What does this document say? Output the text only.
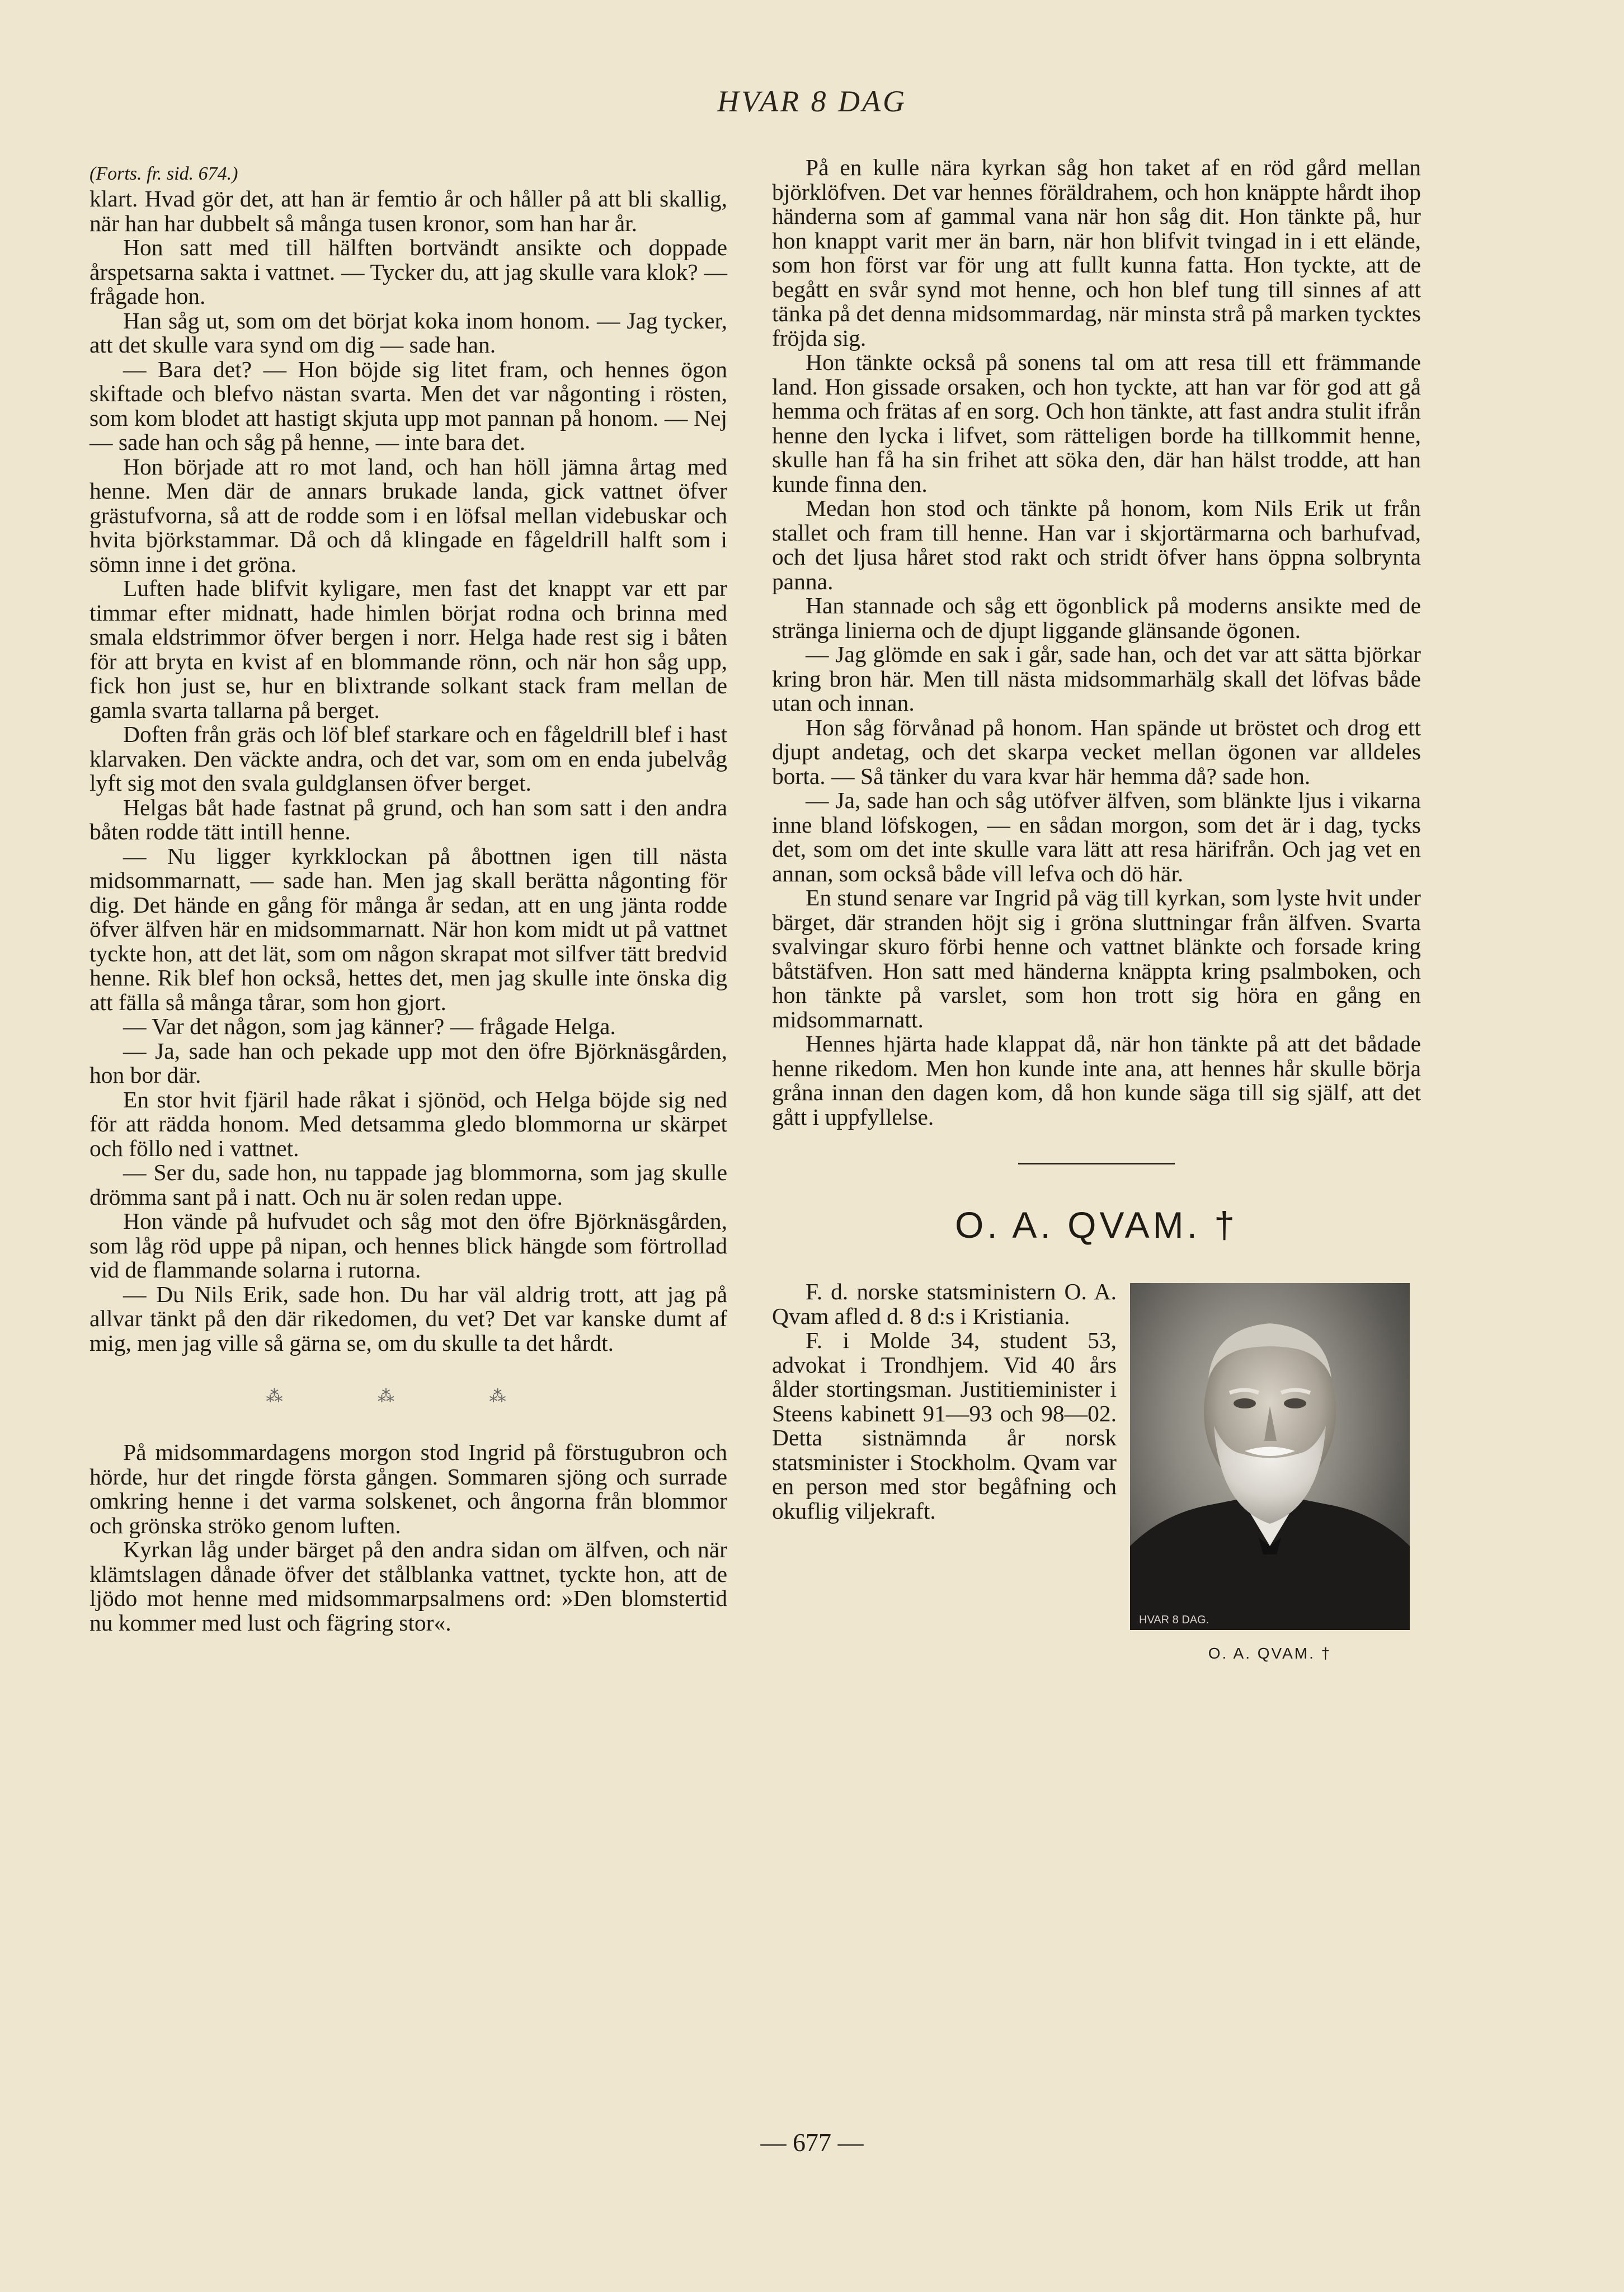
HVAR 8 DAG
(Forts. fr. sid. 674.)

klart. Hvad gör det, att han är femtio år och håller på att bli skallig, när han har dubbelt så många tusen kronor, som han har år.

Hon satt med till hälften bortvändt ansikte och doppade årspetsarna sakta i vattnet. — Tycker du, att jag skulle vara klok? — frågade hon.

Han såg ut, som om det börjat koka inom honom. — Jag tycker, att det skulle vara synd om dig — sade han.

— Bara det? — Hon böjde sig litet fram, och hennes ögon skiftade och blefvo nästan svarta. Men det var någonting i rösten, som kom blodet att hastigt skjuta upp mot pannan på honom. — Nej — sade han och såg på henne, — inte bara det.

Hon började att ro mot land, och han höll jämna årtag med henne. Men där de annars brukade landa, gick vattnet öfver grästufvorna, så att de rodde som i en löfsal mellan videbuskar och hvita björkstammar. Då och då klingade en fågeldrill halft som i sömn inne i det gröna.

Luften hade blifvit kyligare, men fast det knappt var ett par timmar efter midnatt, hade himlen börjat rodna och brinna med smala eldstrimmor öfver bergen i norr. Helga hade rest sig i båten för att bryta en kvist af en blommande rönn, och när hon såg upp, fick hon just se, hur en blixtrande solkant stack fram mellan de gamla svarta tallarna på berget.

Doften från gräs och löf blef starkare och en fågeldrill blef i hast klarvaken. Den väckte andra, och det var, som om en enda jubelvåg lyft sig mot den svala guldglansen öfver berget.

Helgas båt hade fastnat på grund, och han som satt i den andra båten rodde tätt intill henne.

— Nu ligger kyrkklockan på åbottnen igen till nästa midsommarnatt, — sade han. Men jag skall berätta någonting för dig. Det hände en gång för många år sedan, att en ung jänta rodde öfver älfven här en midsommarnatt. När hon kom midt ut på vattnet tyckte hon, att det lät, som om någon skrapat mot silfver tätt bredvid henne. Rik blef hon också, hettes det, men jag skulle inte önska dig att fälla så många tårar, som hon gjort.

— Var det någon, som jag känner? — frågade Helga.

— Ja, sade han och pekade upp mot den öfre Björknäsgården, hon bor där.

En stor hvit fjäril hade råkat i sjönöd, och Helga böjde sig ned för att rädda honom. Med detsamma gledo blommorna ur skärpet och föllo ned i vattnet.

— Ser du, sade hon, nu tappade jag blommorna, som jag skulle drömma sant på i natt. Och nu är solen redan uppe.

Hon vände på hufvudet och såg mot den öfre Björknäsgården, som låg röd uppe på nipan, och hennes blick hängde som förtrollad vid de flammande solarna i rutorna.

— Du Nils Erik, sade hon. Du har väl aldrig trott, att jag på allvar tänkt på den där rikedomen, du vet? Det var kanske dumt af mig, men jag ville så gärna se, om du skulle ta det hårdt.

⁂ ⁂ ⁂

På midsommardagens morgon stod Ingrid på förstugubron och hörde, hur det ringde första gången. Sommaren sjöng och surrade omkring henne i det varma solskenet, och ångorna från blommor och grönska ströko genom luften.

Kyrkan låg under bärget på den andra sidan om älfven, och när klämtslagen dånade öfver det stålblanka vattnet, tyckte hon, att de ljödo mot henne med midsommarpsalmens ord: »Den blomstertid nu kommer med lust och fägring stor«.

På en kulle nära kyrkan såg hon taket af en röd gård mellan björklöfven. Det var hennes föräldrahem, och hon knäppte hårdt ihop händerna som af gammal vana när hon såg dit. Hon tänkte på, hur hon knappt varit mer än barn, när hon blifvit tvingad in i ett elände, som hon först var för ung att fullt kunna fatta. Hon tyckte, att de begått en svår synd mot henne, och hon blef tung till sinnes af att tänka på det denna midsommardag, när minsta strå på marken tycktes fröjda sig.

Hon tänkte också på sonens tal om att resa till ett främmande land. Hon gissade orsaken, och hon tyckte, att han var för god att gå hemma och frätas af en sorg. Och hon tänkte, att fast andra stulit ifrån henne den lycka i lifvet, som rätteligen borde ha tillkommit henne, skulle han få ha sin frihet att söka den, där han hälst trodde, att han kunde finna den.

Medan hon stod och tänkte på honom, kom Nils Erik ut från stallet och fram till henne. Han var i skjortärmarna och barhufvad, och det ljusa håret stod rakt och stridt öfver hans öppna solbrynta panna.

Han stannade och såg ett ögonblick på moderns ansikte med de stränga linierna och de djupt liggande glänsande ögonen.

— Jag glömde en sak i går, sade han, och det var att sätta björkar kring bron här. Men till nästa midsommarhälg skall det löfvas både utan och innan.

Hon såg förvånad på honom. Han spände ut bröstet och drog ett djupt andetag, och det skarpa vecket mellan ögonen var alldeles borta. — Så tänker du vara kvar här hemma då? sade hon.

— Ja, sade han och såg utöfver älfven, som blänkte ljus i vikarna inne bland löfskogen, — en sådan morgon, som det är i dag, tycks det, som om det inte skulle vara lätt att resa härifrån. Och jag vet en annan, som också både vill lefva och dö här.

En stund senare var Ingrid på väg till kyrkan, som lyste hvit under bärget, där stranden höjt sig i gröna sluttningar från älfven. Svarta svalvingar skuro förbi henne och vattnet blänkte och forsade kring båtstäfven. Hon satt med händerna knäppta kring psalmboken, och hon tänkte på varslet, som hon trott sig höra en gång en midsommarnatt.

Hennes hjärta hade klappat då, när hon tänkte på att det bådade henne rikedom. Men hon kunde inte ana, att hennes hår skulle börja gråna innan den dagen kom, då hon kunde säga till sig själf, att det gått i uppfyllelse.

O. A. QVAM. †
HVAR 8 DAG.
O. A. QVAM. †

F. d. norske statsministern O. A. Qvam afled d. 8 d:s i Kristiania.

F. i Molde 34, student 53, advokat i Trondhjem. Vid 40 års ålder stortingsman. Justitieminister i Steens kabinett 91—93 och 98—02. Detta sistnämnda år norsk statsminister i Stockholm. Qvam var en person med stor begåfning och okuflig viljekraft.

— 677 —
